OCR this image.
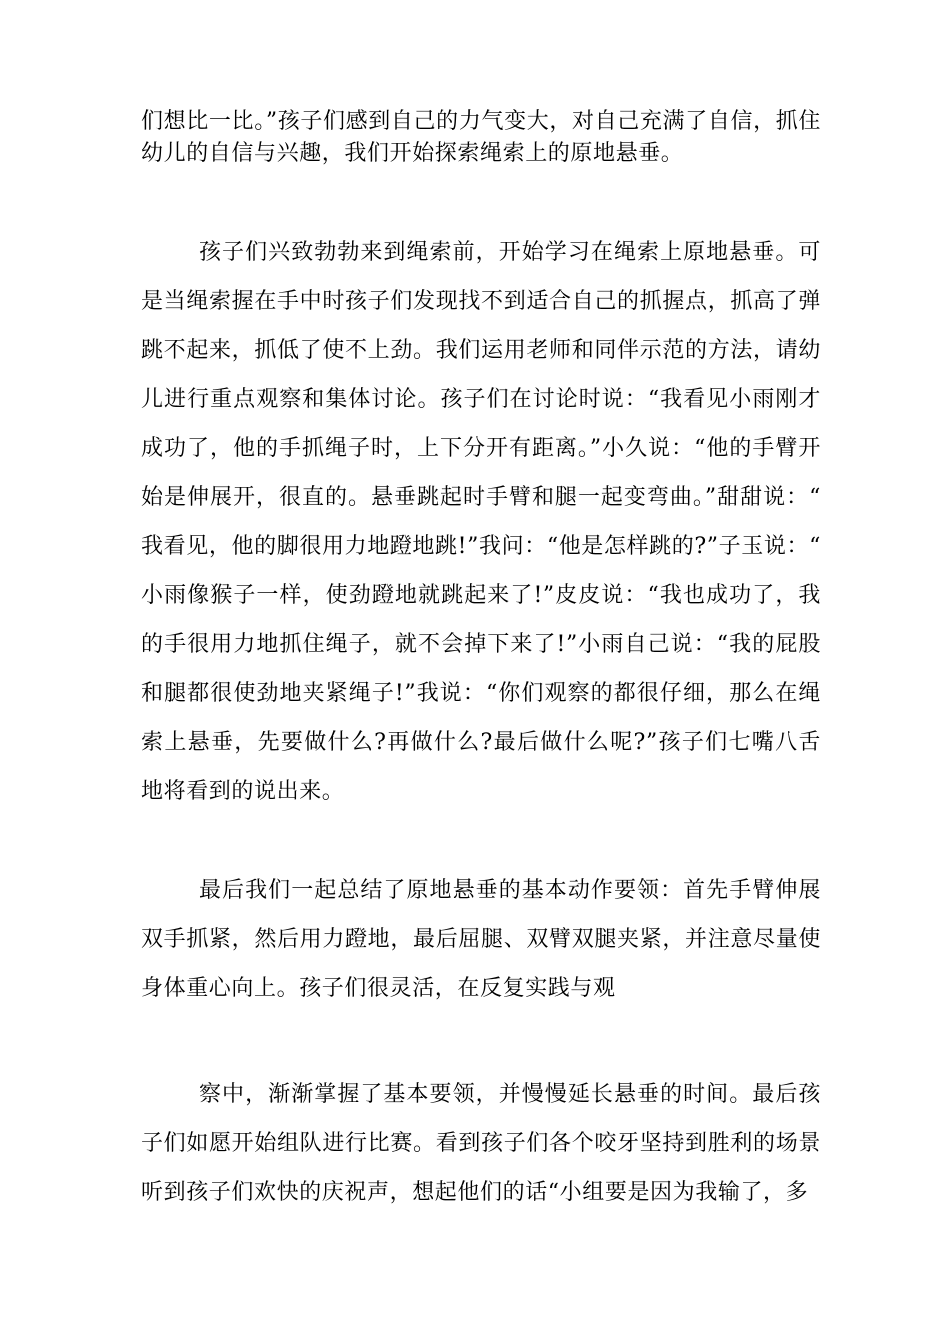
们想比一比。”孩子们感到自己的力气变大，对自己充满了自信，抓住幼儿的自信与兴趣，我们开始探索绳索上的原地悬垂。

孩子们兴致勃勃来到绳索前，开始学习在绳索上原地悬垂。可是当绳索握在手中时孩子们发现找不到适合自己的抓握点，抓高了弹跳不起来，抓低了使不上劲。我们运用老师和同伴示范的方法，请幼儿进行重点观察和集体讨论。孩子们在讨论时说：“我看见小雨刚才成功了，他的手抓绳子时，上下分开有距离。”小久说：“他的手臂开始是伸展开，很直的。悬垂跳起时手臂和腿一起变弯曲。”甜甜说：“我看见，他的脚很用力地蹬地跳!”我问：“他是怎样跳的?”子玉说：“小雨像猴子一样，使劲蹬地就跳起来了!”皮皮说：“我也成功了，我的手很用力地抓住绳子，就不会掉下来了!”小雨自己说：“我的屁股和腿都很使劲地夹紧绳子!”我说：“你们观察的都很仔细，那么在绳索上悬垂，先要做什么?再做什么?最后做什么呢?”孩子们七嘴八舌地将看到的说出来。

最后我们一起总结了原地悬垂的基本动作要领：首先手臂伸展双手抓紧，然后用力蹬地，最后屈腿、双臂双腿夹紧，并注意尽量使身体重心向上。孩子们很灵活，在反复实践与观

察中，渐渐掌握了基本要领，并慢慢延长悬垂的时间。最后孩子们如愿开始组队进行比赛。看到孩子们各个咬牙坚持到胜利的场景听到孩子们欢快的庆祝声，想起他们的话“小组要是因为我输了，多
